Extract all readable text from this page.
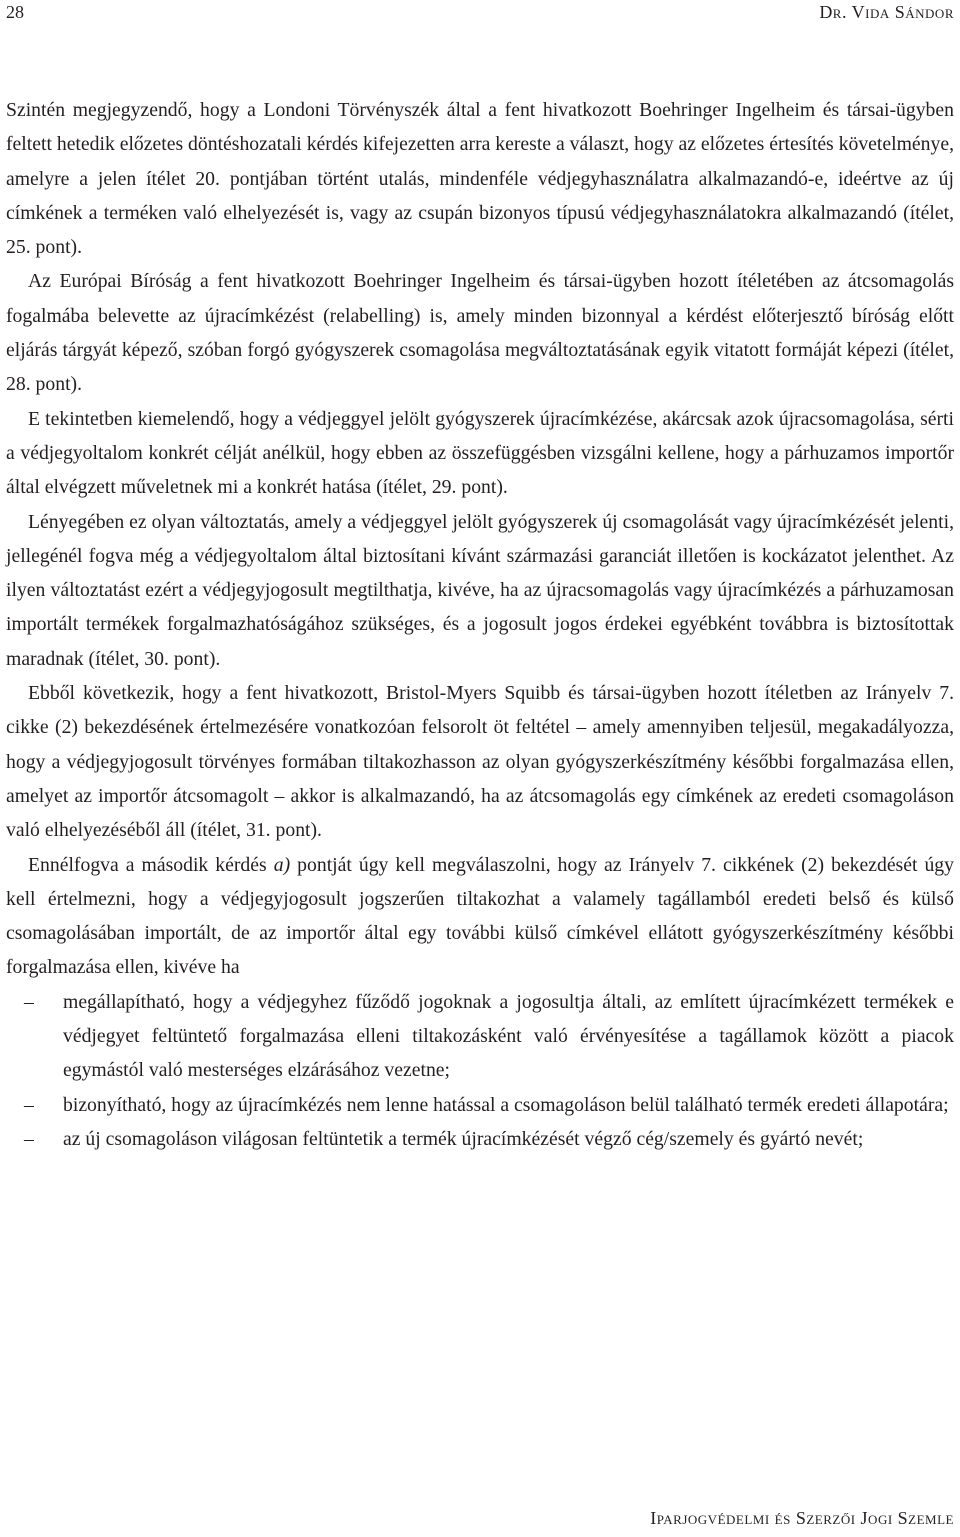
28	Dr. Vida Sándor

Szintén megjegyzendő, hogy a Londoni Törvényszék által a fent hivatkozott Boehringer Ingelheim és társai-ügyben feltett hetedik előzetes döntéshozatali kérdés kifejezetten arra kereste a választ, hogy az előzetes értesítés követelménye, amelyre a jelen ítélet 20. pontjában történt utalás, mindenféle védjegyhasználatra alkalmazandó-e, ideértve az új címkének a terméken való elhelyezését is, vagy az csupán bizonyos típusú védjegyhasználatokra alkalmazandó (ítélet, 25. pont).

Az Európai Bíróság a fent hivatkozott Boehringer Ingelheim és társai-ügyben hozott ítéletében az átcsomagolás fogalmába belevette az újracímkézést (relabelling) is, amely minden bizonnyal a kérdést előterjesztő bíróság előtt eljárás tárgyát képező, szóban forgó gyógyszerek csomagolása megváltoztatásának egyik vitatott formáját képezi (ítélet, 28. pont).

E tekintetben kiemelendő, hogy a védjeggyel jelölt gyógyszerek újracímkézése, akárcsak azok újracsomagolása, sérti a védjegyoltalom konkrét célját anélkül, hogy ebben az összefüggésben vizsgálni kellene, hogy a párhuzamos importőr által elvégzett műveletnek mi a konkrét hatása (ítélet, 29. pont).

Lényegében ez olyan változtatás, amely a védjeggyel jelölt gyógyszerek új csomagolását vagy újracímkézését jelenti, jellegénél fogva még a védjegyoltalom által biztosítani kívánt származási garanciát illetően is kockázatot jelenthet. Az ilyen változtatást ezért a védjegyjogosult megtilthatja, kivéve, ha az újracsomagolás vagy újracímkézés a párhuzamosan importált termékek forgalmazhatóságához szükséges, és a jogosult jogos érdekei egyébként továbbra is biztosítottak maradnak (ítélet, 30. pont).

Ebből következik, hogy a fent hivatkozott, Bristol-Myers Squibb és társai-ügyben hozott ítéletben az Irányelv 7. cikke (2) bekezdésének értelmezésére vonatkozóan felsorolt öt feltétel – amely amennyiben teljesül, megakadályozza, hogy a védjegyjogosult törvényes formában tiltakozhasson az olyan gyógyszerkészítmény későbbi forgalmazása ellen, amelyet az importőr átcsomagolt – akkor is alkalmazandó, ha az átcsomagolás egy címkének az eredeti csomagoláson való elhelyezéséből áll (ítélet, 31. pont).

Ennélfogva a második kérdés a) pontját úgy kell megválaszolni, hogy az Irányelv 7. cikkének (2) bekezdését úgy kell értelmezni, hogy a védjegyjogosult jogszerűen tiltakozhat a valamely tagállamból eredeti belső és külső csomagolásában importált, de az importőr által egy további külső címkével ellátott gyógyszerkészítmény későbbi forgalmazása ellen, kivéve ha

– megállapítható, hogy a védjegyhez fűződő jogoknak a jogosultja általi, az említett újracímkézett termékek e védjegyet feltüntető forgalmazása elleni tiltakozásként való érvényesítése a tagállamok között a piacok egymástól való mesterséges elzárásához vezetne;
– bizonyítható, hogy az újracímkézés nem lenne hatással a csomagoláson belül található termék eredeti állapotára;
– az új csomagoláson világosan feltüntetik a termék újracímkézését végző cég/szemely és gyártó nevét;
Iparjogvédelmi és Szerzői Jogi Szemle
